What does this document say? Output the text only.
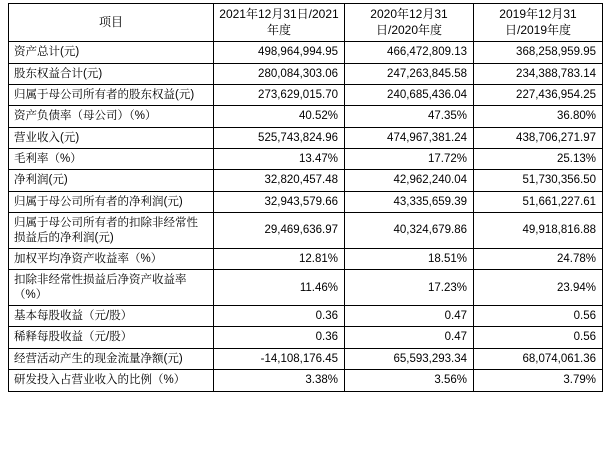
项目	2021年12月31日/2021年度	2020年12月31日/2020年度	2019年12月31日/2019年度
资产总计(元)	498,964,994.95	466,472,809.13	368,258,959.95
股东权益合计(元)	280,084,303.06	247,263,845.58	234,388,783.14
归属于母公司所有者的股东权益(元)	273,629,015.70	240,685,436.04	227,436,954.25
资产负债率（母公司）（%）	40.52%	47.35%	36.80%
营业收入(元)	525,743,824.96	474,967,381.24	438,706,271.97
毛利率（%）	13.47%	17.72%	25.13%
净利润(元)	32,820,457.48	42,962,240.04	51,730,356.50
归属于母公司所有者的净利润(元)	32,943,579.66	43,335,659.39	51,661,227.61
归属于母公司所有者的扣除非经常性损益后的净利润(元)	29,469,636.97	40,324,679.86	49,918,816.88
加权平均净资产收益率（%）	12.81%	18.51%	24.78%
扣除非经常性损益后净资产收益率（%）	11.46%	17.23%	23.94%
基本每股收益（元/股）	0.36	0.47	0.56
稀释每股收益（元/股）	0.36	0.47	0.56
经营活动产生的现金流量净额(元)	-14,108,176.45	65,593,293.34	68,074,061.36
研发投入占营业收入的比例（%）	3.38%	3.56%	3.79%
